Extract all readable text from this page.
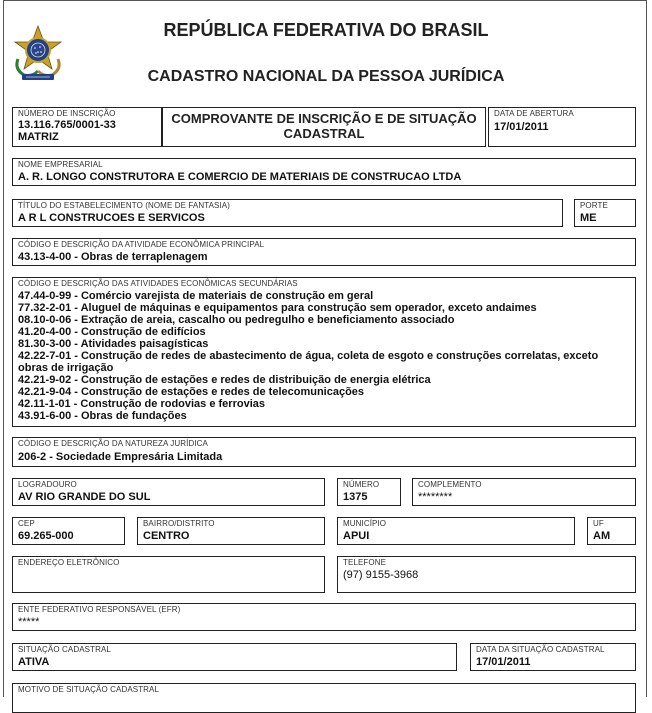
REPÚBLICA FEDERATIVA DO BRASIL
CADASTRO NACIONAL DA PESSOA JURÍDICA
NÚMERO DE INSCRIÇÃO
13.116.765/0001-33
MATRIZ
COMPROVANTE DE INSCRIÇÃO E DE SITUAÇÃO
CADASTRAL
DATA DE ABERTURA
17/01/2011
NOME EMPRESARIAL
A. R. LONGO CONSTRUTORA E COMERCIO DE MATERIAIS DE CONSTRUCAO LTDA
TÍTULO DO ESTABELECIMENTO (NOME DE FANTASIA)
A R L CONSTRUCOES E SERVICOS
PORTE
ME
CÓDIGO E DESCRIÇÃO DA ATIVIDADE ECONÔMICA PRINCIPAL
43.13-4-00 - Obras de terraplenagem
CÓDIGO E DESCRIÇÃO DAS ATIVIDADES ECONÔMICAS SECUNDÁRIAS
47.44-0-99 - Comércio varejista de materiais de construção em geral
77.32-2-01 - Aluguel de máquinas e equipamentos para construção sem operador, exceto andaimes
08.10-0-06 - Extração de areia, cascalho ou pedregulho e beneficiamento associado
41.20-4-00 - Construção de edifícios
81.30-3-00 - Atividades paisagísticas
42.22-7-01 - Construção de redes de abastecimento de água, coleta de esgoto e construções correlatas, exceto obras de irrigação
42.21-9-02 - Construção de estações e redes de distribuição de energia elétrica
42.21-9-04 - Construção de estações e redes de telecomunicações
42.11-1-01 - Construção de rodovias e ferrovias
43.91-6-00 - Obras de fundações
CÓDIGO E DESCRIÇÃO DA NATUREZA JURÍDICA
206-2 - Sociedade Empresária Limitada
LOGRADOURO
AV RIO GRANDE DO SUL
NÚMERO
1375
COMPLEMENTO
********
CEP
69.265-000
BAIRRO/DISTRITO
CENTRO
MUNICÍPIO
APUI
UF
AM
ENDEREÇO ELETRÔNICO	TELEFONE
(97) 9155-3968
ENTE FEDERATIVO RESPONSÁVEL (EFR)
*****
SITUAÇÃO CADASTRAL
ATIVA
DATA DA SITUAÇÃO CADASTRAL
17/01/2011
MOTIVO DE SITUAÇÃO CADASTRAL
